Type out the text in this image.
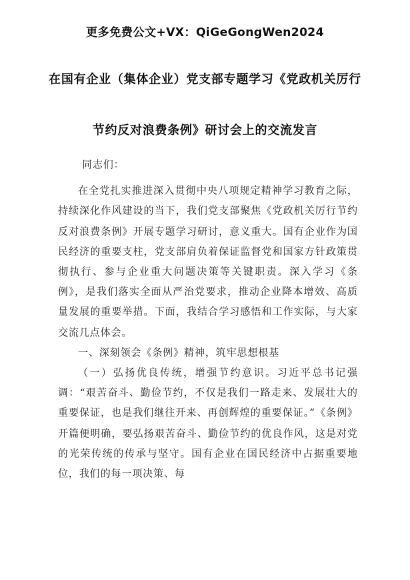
更多免费公文+VX：QiGeGongWen2024
在国有企业（集体企业）党支部专题学习《党政机关厉行
节约反对浪费条例》研讨会上的交流发言

同志们：

在全党扎实推进深入贯彻中央八项规定精神学习教育之际，持续深化作风建设的当下，我们党支部聚焦《党政机关厉行节约反对浪费条例》开展专题学习研讨，意义重大。国有企业作为国民经济的重要支柱，党支部肩负着保证监督党和国家方针政策贯彻执行、参与企业重大问题决策等关键职责。深入学习《条例》，是我们落实全面从严治党要求，推动企业降本增效、高质量发展的重要举措。下面，我结合学习感悟和工作实际，与大家交流几点体会。

一、深刻领会《条例》精神，筑牢思想根基

（一）弘扬优良传统，增强节约意识。习近平总书记强调：“艰苦奋斗、勤俭节约，不仅是我们一路走来、发展壮大的重要保证，也是我们继往开来、再创辉煌的重要保证。”《条例》开篇便明确，要弘扬艰苦奋斗、勤俭节约的优良作风，这是对党的光荣传统的传承与坚守。国有企业在国民经济中占据重要地位，我们的每一项决策、每
